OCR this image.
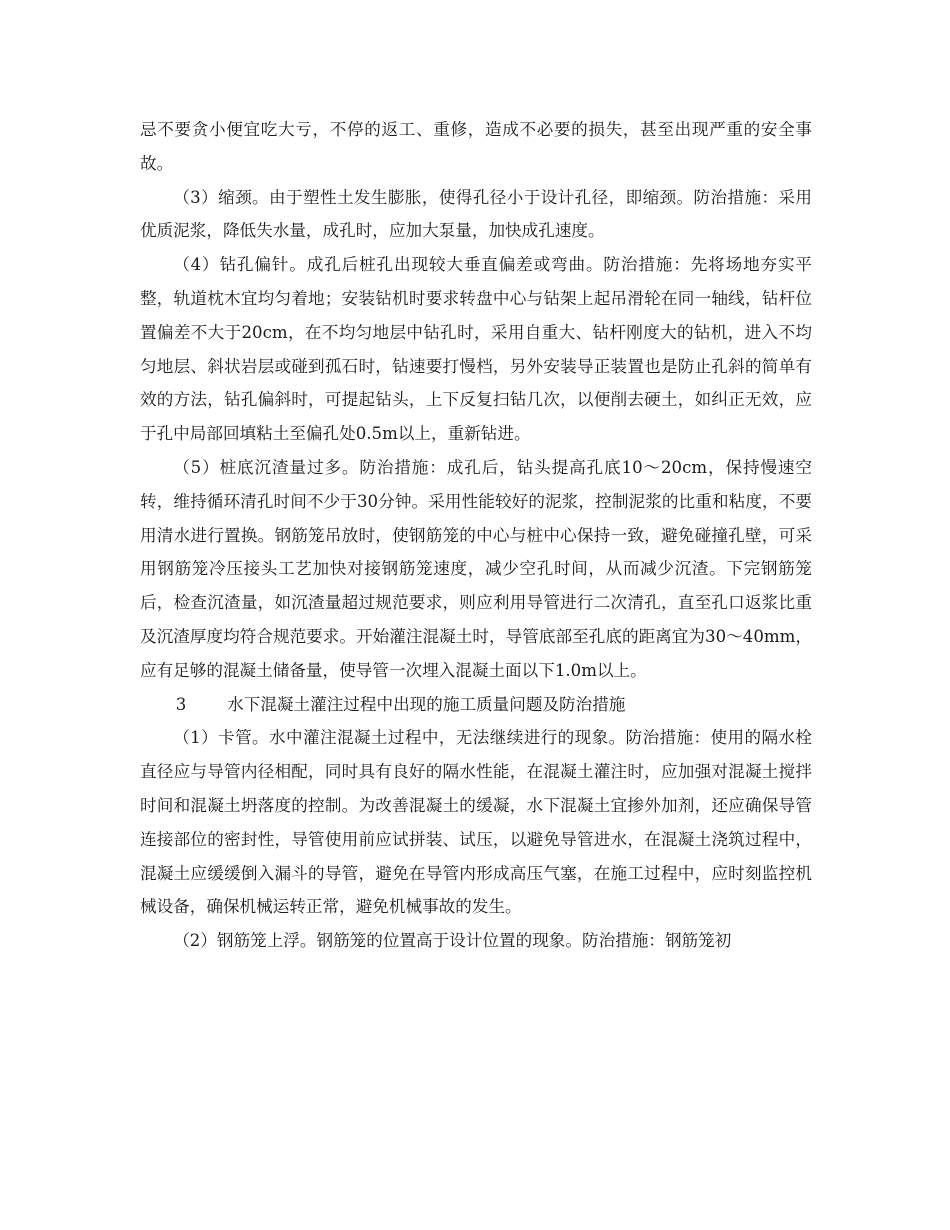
忌不要贪小便宜吃大亏，不停的返工、重修，造成不必要的损失，甚至出现严重的安全事故。

（3）缩颈。由于塑性土发生膨胀，使得孔径小于设计孔径，即缩颈。防治措施：采用优质泥浆，降低失水量，成孔时，应加大泵量，加快成孔速度。

（4）钻孔偏针。成孔后桩孔出现较大垂直偏差或弯曲。防治措施：先将场地夯实平整，轨道枕木宜均匀着地；安装钻机时要求转盘中心与钻架上起吊滑轮在同一轴线，钻杆位置偏差不大于20cm，在不均匀地层中钻孔时，采用自重大、钻杆刚度大的钻机，进入不均匀地层、斜状岩层或碰到孤石时，钻速要打慢档，另外安装导正装置也是防止孔斜的简单有效的方法，钻孔偏斜时，可提起钻头，上下反复扫钻几次，以便削去硬土，如纠正无效，应于孔中局部回填粘土至偏孔处0.5m以上，重新钻进。

（5）桩底沉渣量过多。防治措施：成孔后，钻头提高孔底10～20cm，保持慢速空转，维持循环清孔时间不少于30分钟。采用性能较好的泥浆，控制泥浆的比重和粘度，不要用清水进行置换。钢筋笼吊放时，使钢筋笼的中心与桩中心保持一致，避免碰撞孔壁，可采用钢筋笼冷压接头工艺加快对接钢筋笼速度，减少空孔时间，从而减少沉渣。下完钢筋笼后，检查沉渣量，如沉渣量超过规范要求，则应利用导管进行二次清孔，直至孔口返浆比重及沉渣厚度均符合规范要求。开始灌注混凝土时，导管底部至孔底的距离宜为30～40mm，应有足够的混凝土储备量，使导管一次埋入混凝土面以下1.0m以上。

3 水下混凝土灌注过程中出现的施工质量问题及防治措施

（1）卡管。水中灌注混凝土过程中，无法继续进行的现象。防治措施：使用的隔水栓直径应与导管内径相配，同时具有良好的隔水性能，在混凝土灌注时，应加强对混凝土搅拌时间和混凝土坍落度的控制。为改善混凝土的缓凝，水下混凝土宜掺外加剂，还应确保导管连接部位的密封性，导管使用前应试拼装、试压，以避免导管进水，在混凝土浇筑过程中，混凝土应缓缓倒入漏斗的导管，避免在导管内形成高压气塞，在施工过程中，应时刻监控机械设备，确保机械运转正常，避免机械事故的发生。

（2）钢筋笼上浮。钢筋笼的位置高于设计位置的现象。防治措施：钢筋笼初
